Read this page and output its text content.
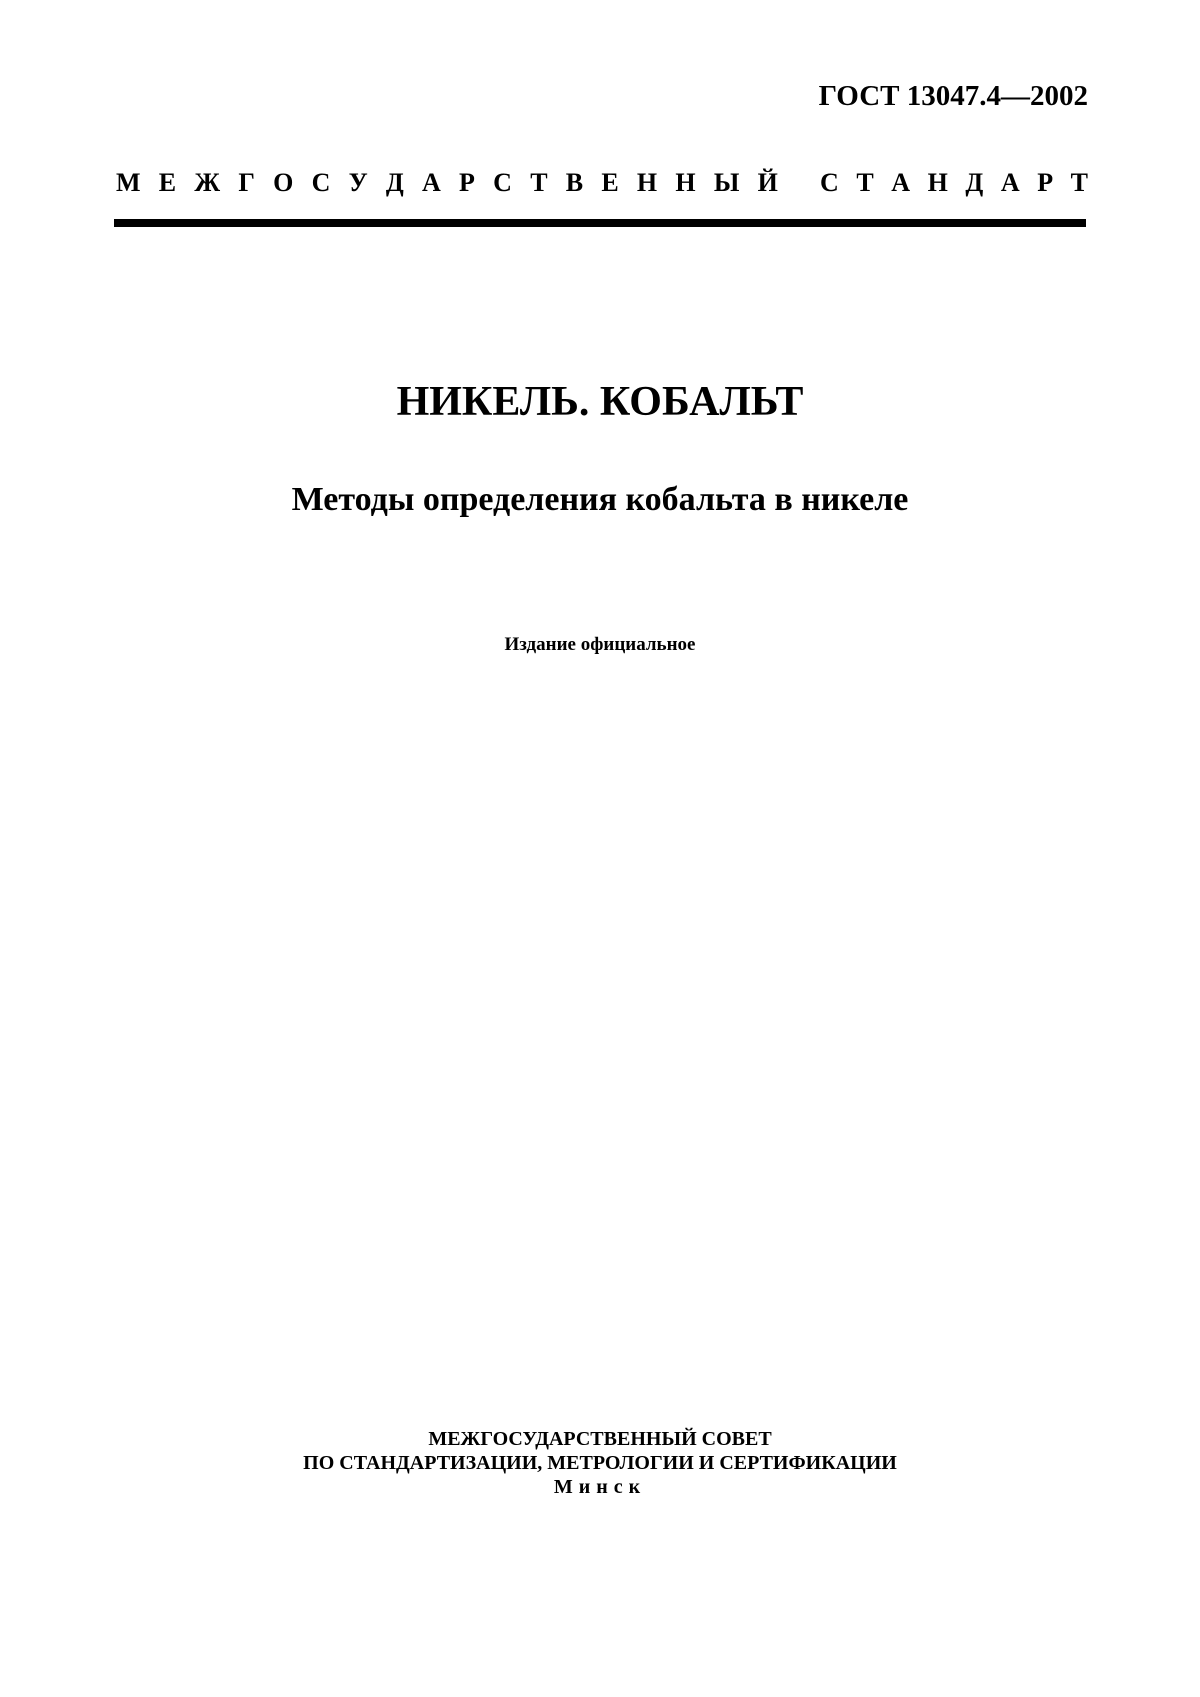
ГОСТ 13047.4—2002
М Е Ж Г О С У Д А Р С Т В Е Н Н Ы Й С Т А Н Д А Р Т
НИКЕЛЬ. КОБАЛЬТ
Методы определения кобальта в никеле
Издание официальное
МЕЖГОСУДАРСТВЕННЫЙ СОВЕТ
ПО СТАНДАРТИЗАЦИИ, МЕТРОЛОГИИ И СЕРТИФИКАЦИИ
Минск
